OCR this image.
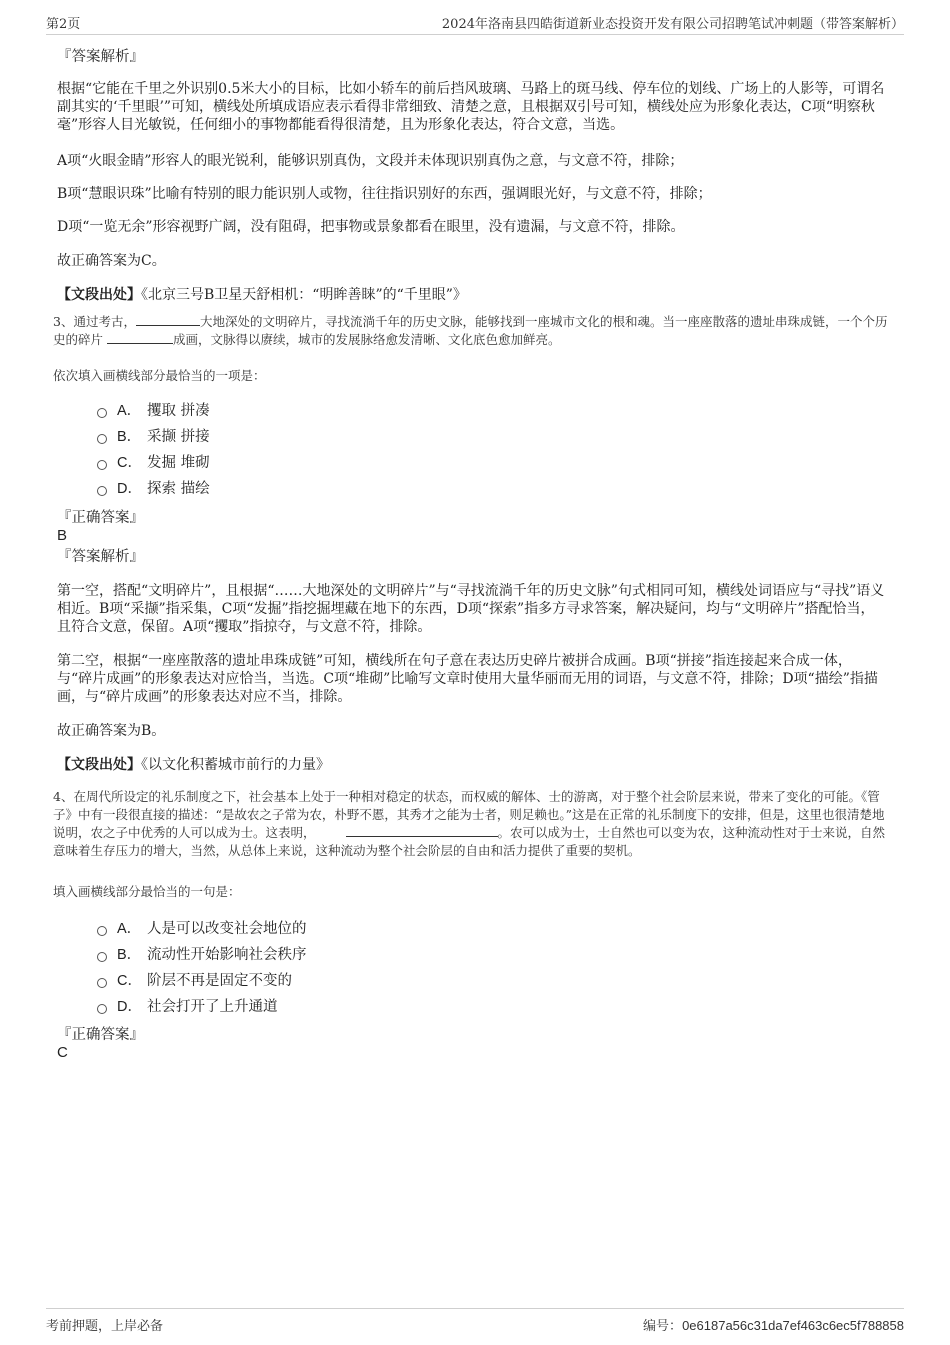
第2页	2024年洛南县四皓街道新业态投资开发有限公司招聘笔试冲刺题（带答案解析）
『答案解析』
根据“它能在千里之外识别0.5米大小的目标，比如小轿车的前后挡风玻璃、马路上的斑马线、停车位的划线、广场上的人影等，可谓名副其实的‘千里眼’”可知，横线处所填成语应表示看得非常细致、清楚之意，且根据双引号可知，横线处应为形象化表达，C项“明察秋毫”形容人目光敏锐，任何细小的事物都能看得很清楚，且为形象化表达，符合文意，当选。
A项“火眼金睛”形容人的眼光锐利，能够识别真伪，文段并未体现识别真伪之意，与文意不符，排除；
B项“慧眼识珠”比喻有特别的眼力能识别人或物，往往指识别好的东西，强调眼光好，与文意不符，排除；
D项“一览无余”形容视野广阔，没有阻碍，把事物或景象都看在眼里，没有遗漏，与文意不符，排除。
故正确答案为C。
【文段出处】《北京三号B卫星天舒相机：“明眸善睐”的“千里眼”》
3、通过考古，	大地深处的文明碎片，寻找流淌千年的历史文脉，能够找到一座城市文化的根和魂。当一座座散落的遗址串珠成链，一个个历史的碎片	成画，文脉得以赓续，城市的发展脉络愈发清晰、文化底色愈加鲜亮。
依次填入画横线部分最恰当的一项是：
A． 攫取 拼凑
B． 采撷 拼接
C． 发掘 堆砌
D． 探索 描绘
『正确答案』
B
『答案解析』
第一空，搭配“文明碎片”，且根据“……大地深处的文明碎片”与“寻找流淌千年的历史文脉”句式相同可知，横线处词语应与“寻找”语义相近。B项“采撷”指采集，C项“发掘”指挖掘埋藏在地下的东西，D项“探索”指多方寻求答案，解决疑问，均与“文明碎片”搭配恰当，且符合文意，保留。A项“攫取”指掠夺，与文意不符，排除。
第二空，根据“一座座散落的遗址串珠成链”可知，横线所在句子意在表达历史碎片被拼合成画。B项“拼接”指连接起来合成一体，与“碎片成画”的形象表达对应恰当，当选。C项“堆砌”比喻写文章时使用大量华丽而无用的词语，与文意不符，排除；D项“描绘”指描画，与“碎片成画”的形象表达对应不当，排除。
故正确答案为B。
【文段出处】《以文化积蓄城市前行的力量》
4、在周代所设定的礼乐制度之下，社会基本上处于一种相对稳定的状态，而权威的解体、士的游离，对于整个社会阶层来说，带来了变化的可能。《管子》中有一段很直接的描述：“是故农之子常为农，朴野不慝，其秀才之能为士者，则足赖也。”这是在正常的礼乐制度下的安排，但是，这里也很清楚地说明，农之子中优秀的人可以成为士。这表明，	。农可以成为士，士自然也可以变为农，这种流动性对于士来说，自然意味着生存压力的增大，当然，从总体上来说，这种流动为整个社会阶层的自由和活力提供了重要的契机。
填入画横线部分最恰当的一句是：
A． 人是可以改变社会地位的
B． 流动性开始影响社会秩序
C． 阶层不再是固定不变的
D． 社会打开了上升通道
『正确答案』
C
考前押题，上岸必备	编号：0e6187a56c31da7ef463c6ec5f788858
